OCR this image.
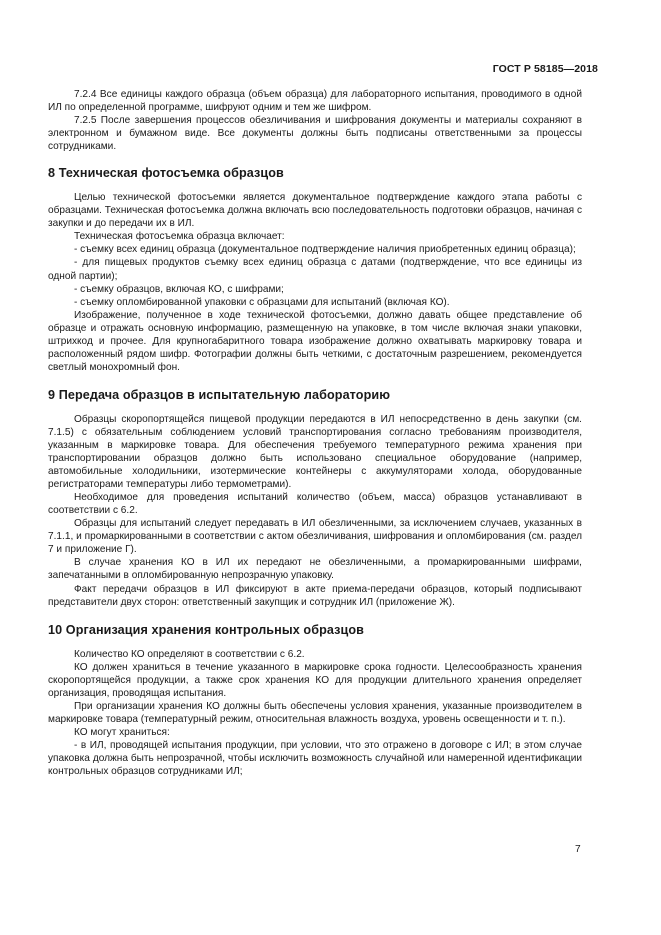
ГОСТ Р 58185—2018

7.2.4 Все единицы каждого образца (объем образца) для лабораторного испытания, проводимого в одной ИЛ по определенной программе, шифруют одним и тем же шифром.

7.2.5 После завершения процессов обезличивания и шифрования документы и материалы сохраняют в электронном и бумажном виде. Все документы должны быть подписаны ответственными за процессы сотрудниками.

8 Техническая фотосъемка образцов

Целью технической фотосъемки является документальное подтверждение каждого этапа работы с образцами. Техническая фотосъемка должна включать всю последовательность подготовки образцов, начиная с закупки и до передачи их в ИЛ.

Техническая фотосъемка образца включает:

- съемку всех единиц образца (документальное подтверждение наличия приобретенных единиц образца);

- для пищевых продуктов съемку всех единиц образца с датами (подтверждение, что все единицы из одной партии);

- съемку образцов, включая КО, с шифрами;

- съемку опломбированной упаковки с образцами для испытаний (включая КО).

Изображение, полученное в ходе технической фотосъемки, должно давать общее представление об образце и отражать основную информацию, размещенную на упаковке, в том числе включая знаки упаковки, штрихкод и прочее. Для крупногабаритного товара изображение должно охватывать маркировку товара и расположенный рядом шифр. Фотографии должны быть четкими, с достаточным разрешением, рекомендуется светлый монохромный фон.

9 Передача образцов в испытательную лабораторию

Образцы скоропортящейся пищевой продукции передаются в ИЛ непосредственно в день закупки (см. 7.1.5) с обязательным соблюдением условий транспортирования согласно требованиям производителя, указанным в маркировке товара. Для обеспечения требуемого температурного режима хранения при транспортировании образцов должно быть использовано специальное оборудование (например, автомобильные холодильники, изотермические контейнеры с аккумуляторами холода, оборудованные регистраторами температуры либо термометрами).

Необходимое для проведения испытаний количество (объем, масса) образцов устанавливают в соответствии с 6.2.

Образцы для испытаний следует передавать в ИЛ обезличенными, за исключением случаев, указанных в 7.1.1, и промаркированными в соответствии с актом обезличивания, шифрования и опломбирования (см. раздел 7 и приложение Г).

В случае хранения КО в ИЛ их передают не обезличенными, а промаркированными шифрами, запечатанными в опломбированную непрозрачную упаковку.

Факт передачи образцов в ИЛ фиксируют в акте приема-передачи образцов, который подписывают представители двух сторон: ответственный закупщик и сотрудник ИЛ (приложение Ж).

10 Организация хранения контрольных образцов

Количество КО определяют в соответствии с 6.2.

КО должен храниться в течение указанного в маркировке срока годности. Целесообразность хранения скоропортящейся продукции, а также срок хранения КО для продукции длительного хранения определяет организация, проводящая испытания.

При организации хранения КО должны быть обеспечены условия хранения, указанные производителем в маркировке товара (температурный режим, относительная влажность воздуха, уровень освещенности и т. п.).

КО могут храниться:

- в ИЛ, проводящей испытания продукции, при условии, что это отражено в договоре с ИЛ; в этом случае упаковка должна быть непрозрачной, чтобы исключить возможность случайной или намеренной идентификации контрольных образцов сотрудниками ИЛ;

7
